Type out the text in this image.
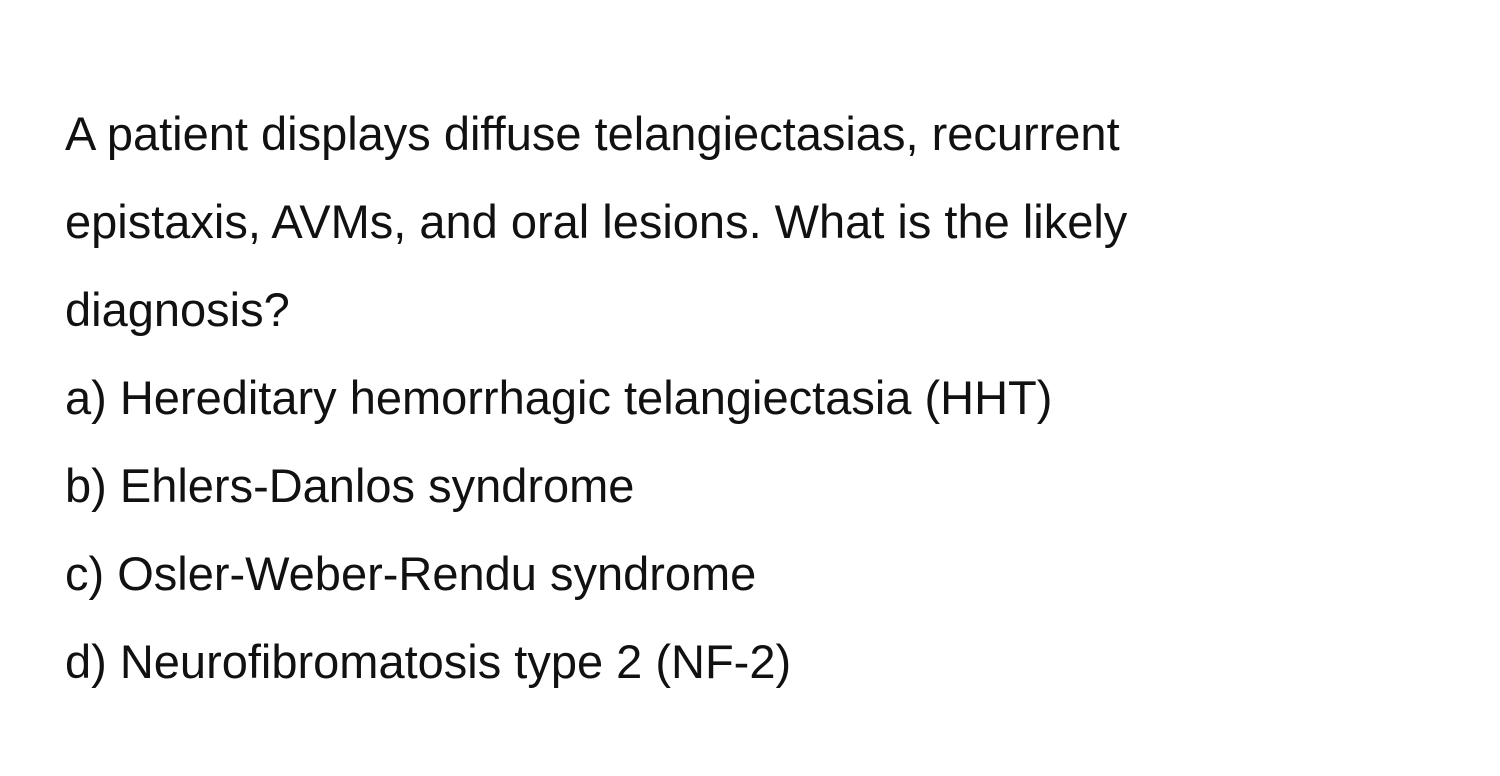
A patient displays diffuse telangiectasias, recurrent
epistaxis, AVMs, and oral lesions. What is the likely
diagnosis?
a) Hereditary hemorrhagic telangiectasia (HHT)
b) Ehlers-Danlos syndrome
c) Osler-Weber-Rendu syndrome
d) Neurofibromatosis type 2 (NF-2)
